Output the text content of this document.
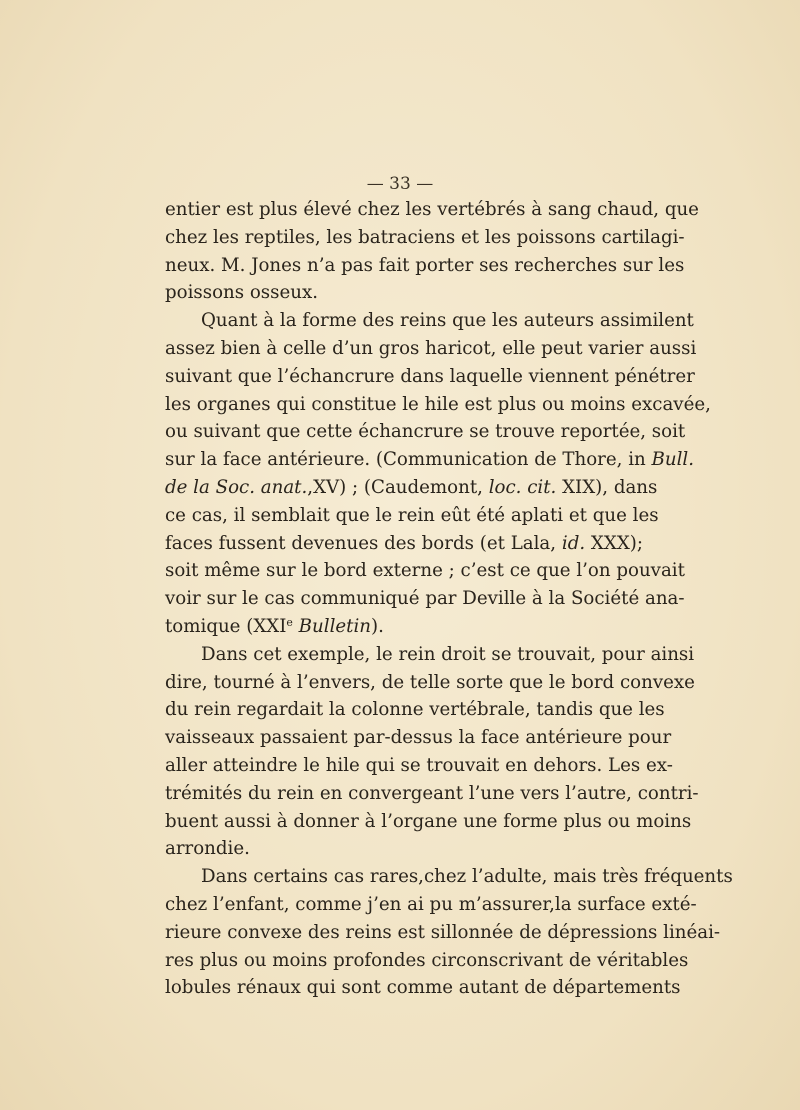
— 33 —

entier est plus élevé chez les vertébrés à sang chaud, que
chez les reptiles, les batraciens et les poissons cartilagi-
neux. M. Jones n’a pas fait porter ses recherches sur les
poissons osseux.

Quant à la forme des reins que les auteurs assimilent
assez bien à celle d’un gros haricot, elle peut varier aussi
suivant que l’échancrure dans laquelle viennent pénétrer
les organes qui constitue le hile est plus ou moins excavée,
ou suivant que cette échancrure se trouve reportée, soit
sur la face antérieure. (Communication de Thore, in Bull.
de la Soc. anat.,XV) ; (Caudemont, loc. cit. XIX), dans
ce cas, il semblait que le rein eût été aplati et que les
faces fussent devenues des bords (et Lala, id. XXX);
soit même sur le bord externe ; c’est ce que l’on pouvait
voir sur le cas communiqué par Deville à la Société ana-
tomique (XXIe Bulletin).

Dans cet exemple, le rein droit se trouvait, pour ainsi
dire, tourné à l’envers, de telle sorte que le bord convexe
du rein regardait la colonne vertébrale, tandis que les
vaisseaux passaient par-dessus la face antérieure pour
aller atteindre le hile qui se trouvait en dehors. Les ex-
trémités du rein en convergeant l’une vers l’autre, contri-
buent aussi à donner à l’organe une forme plus ou moins
arrondie.

Dans certains cas rares,chez l’adulte, mais très fréquents
chez l’enfant, comme j’en ai pu m’assurer,la surface exté-
rieure convexe des reins est sillonnée de dépressions linéai-
res plus ou moins profondes circonscrivant de véritables
lobules rénaux qui sont comme autant de départements
